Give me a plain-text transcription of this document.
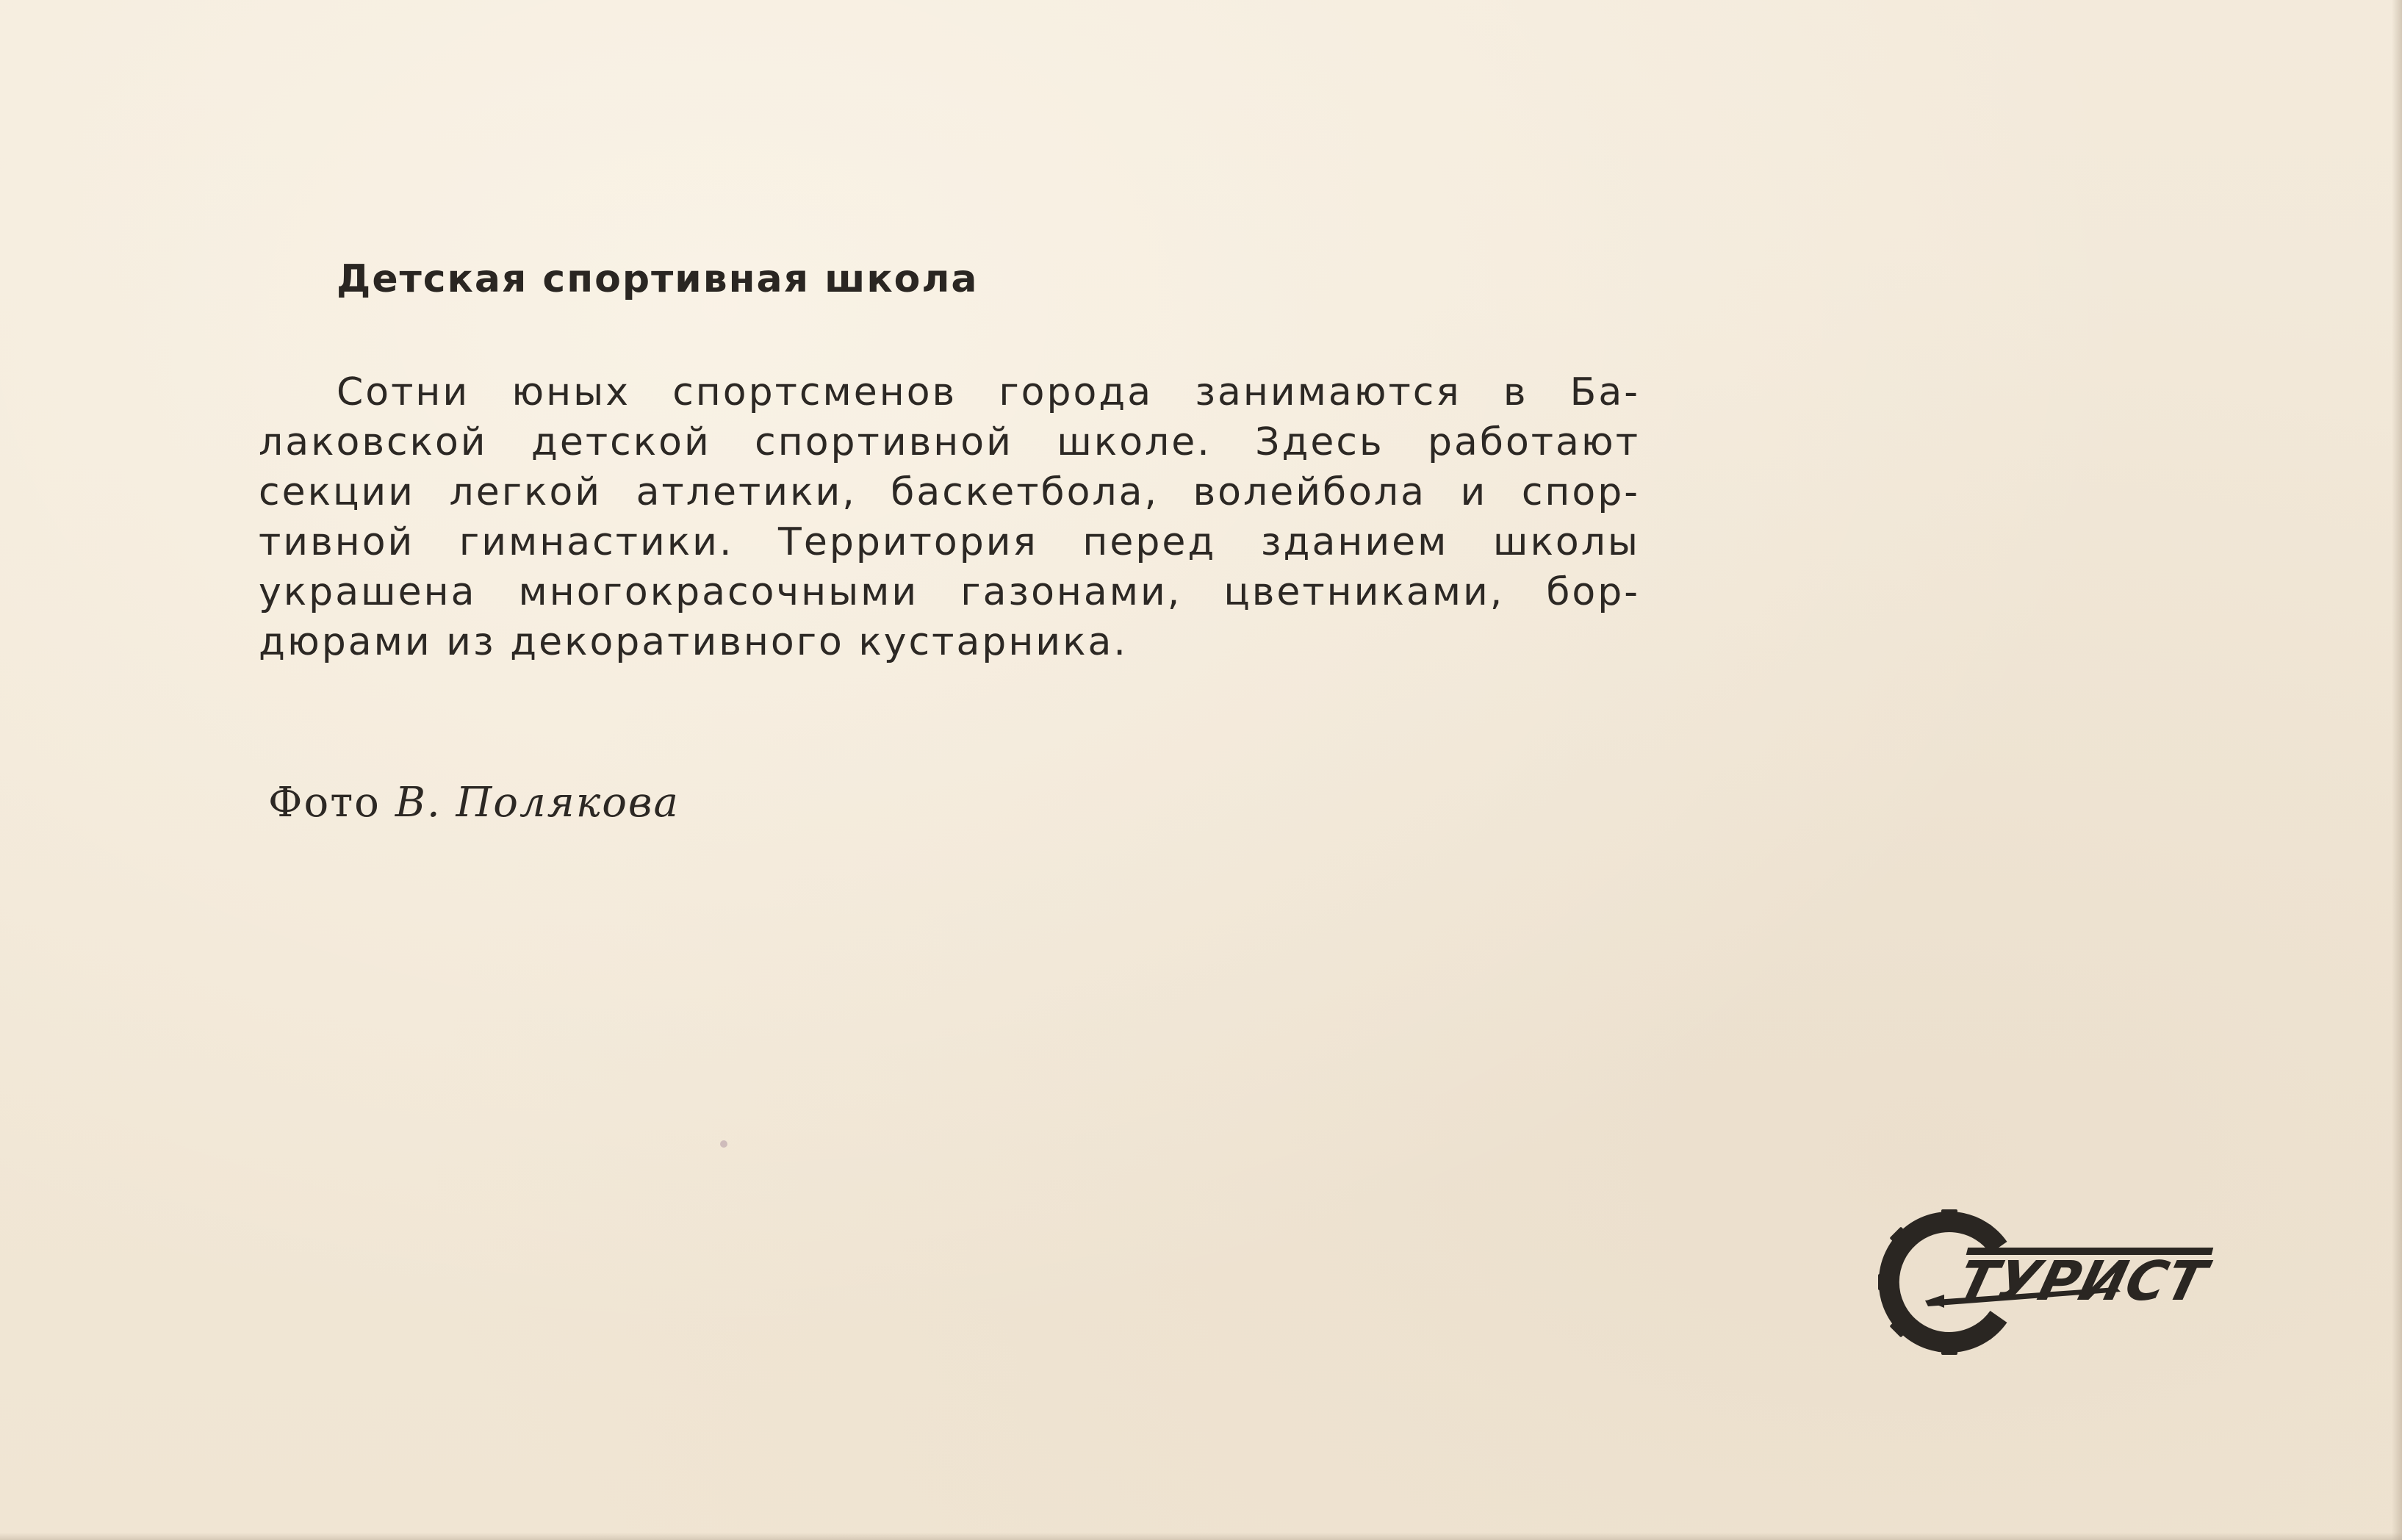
Детская спортивная школа
Сотни юных спортсменов города занимаются в Ба-
лаковской детской спортивной школе. Здесь работают
секции легкой атлетики, баскетбола, волейбола и спор-
тивной гимнастики. Территория перед зданием школы
украшена многокрасочными газонами, цветниками, бор-
дюрами из декоративного кустарника.
Фото В. Полякова
ТУРИСТ
